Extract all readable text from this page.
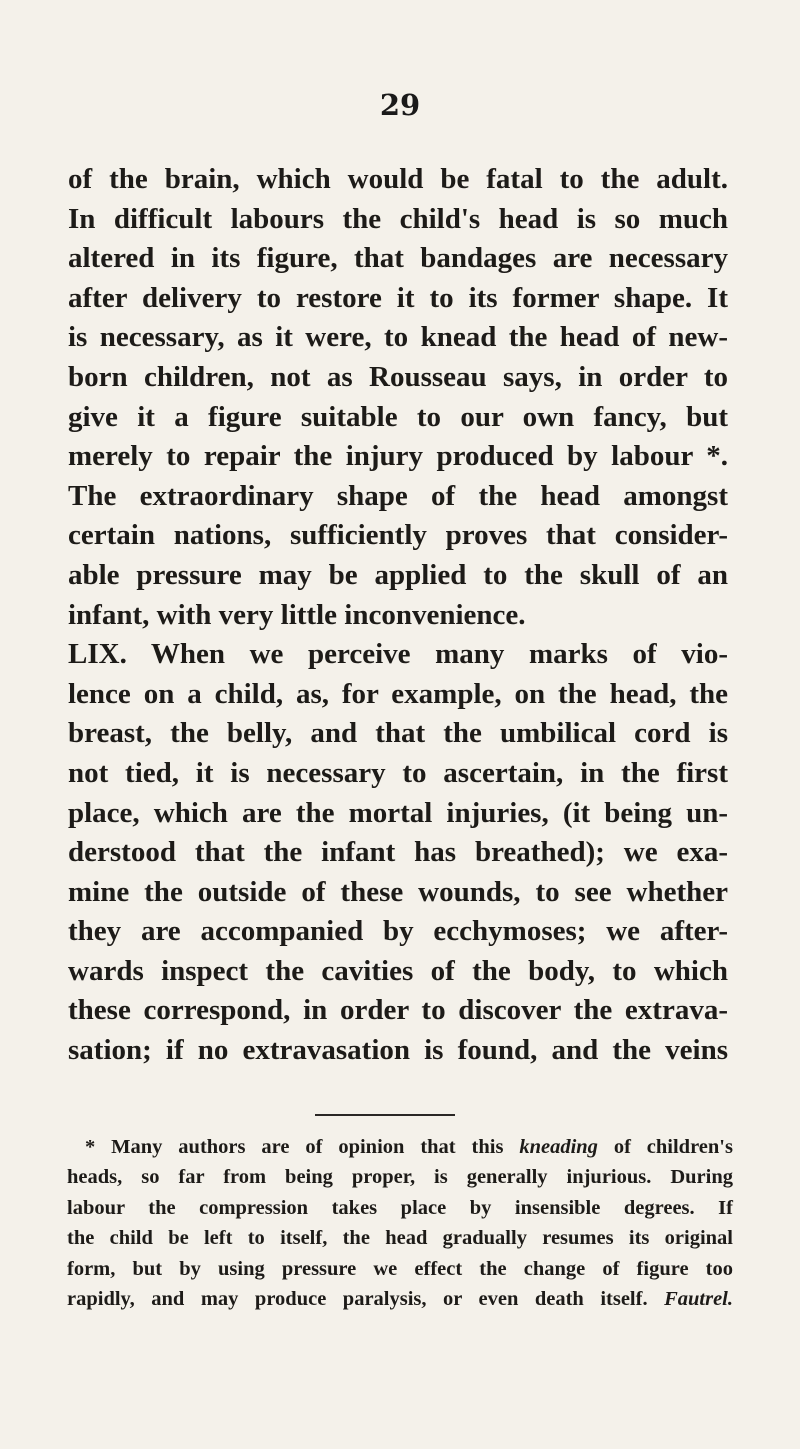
29
of the brain, which would be fatal to the adult.
In difficult labours the child's head is so much
altered in its figure, that bandages are necessary
after delivery to restore it to its former shape. It
is necessary, as it were, to knead the head of new-
born children, not as Rousseau says, in order to
give it a figure suitable to our own fancy, but
merely to repair the injury produced by labour *.
The extraordinary shape of the head amongst
certain nations, sufficiently proves that consider-
able pressure may be applied to the skull of an
infant, with very little inconvenience.
LIX. When we perceive many marks of vio-
lence on a child, as, for example, on the head, the
breast, the belly, and that the umbilical cord is
not tied, it is necessary to ascertain, in the first
place, which are the mortal injuries, (it being un-
derstood that the infant has breathed); we exa-
mine the outside of these wounds, to see whether
they are accompanied by ecchymoses; we after-
wards inspect the cavities of the body, to which
these correspond, in order to discover the extrava-
sation; if no extravasation is found, and the veins
* Many authors are of opinion that this kneading of children's
heads, so far from being proper, is generally injurious. During
labour the compression takes place by insensible degrees. If
the child be left to itself, the head gradually resumes its original
form, but by using pressure we effect the change of figure too
rapidly, and may produce paralysis, or even death itself. Fautrel.
